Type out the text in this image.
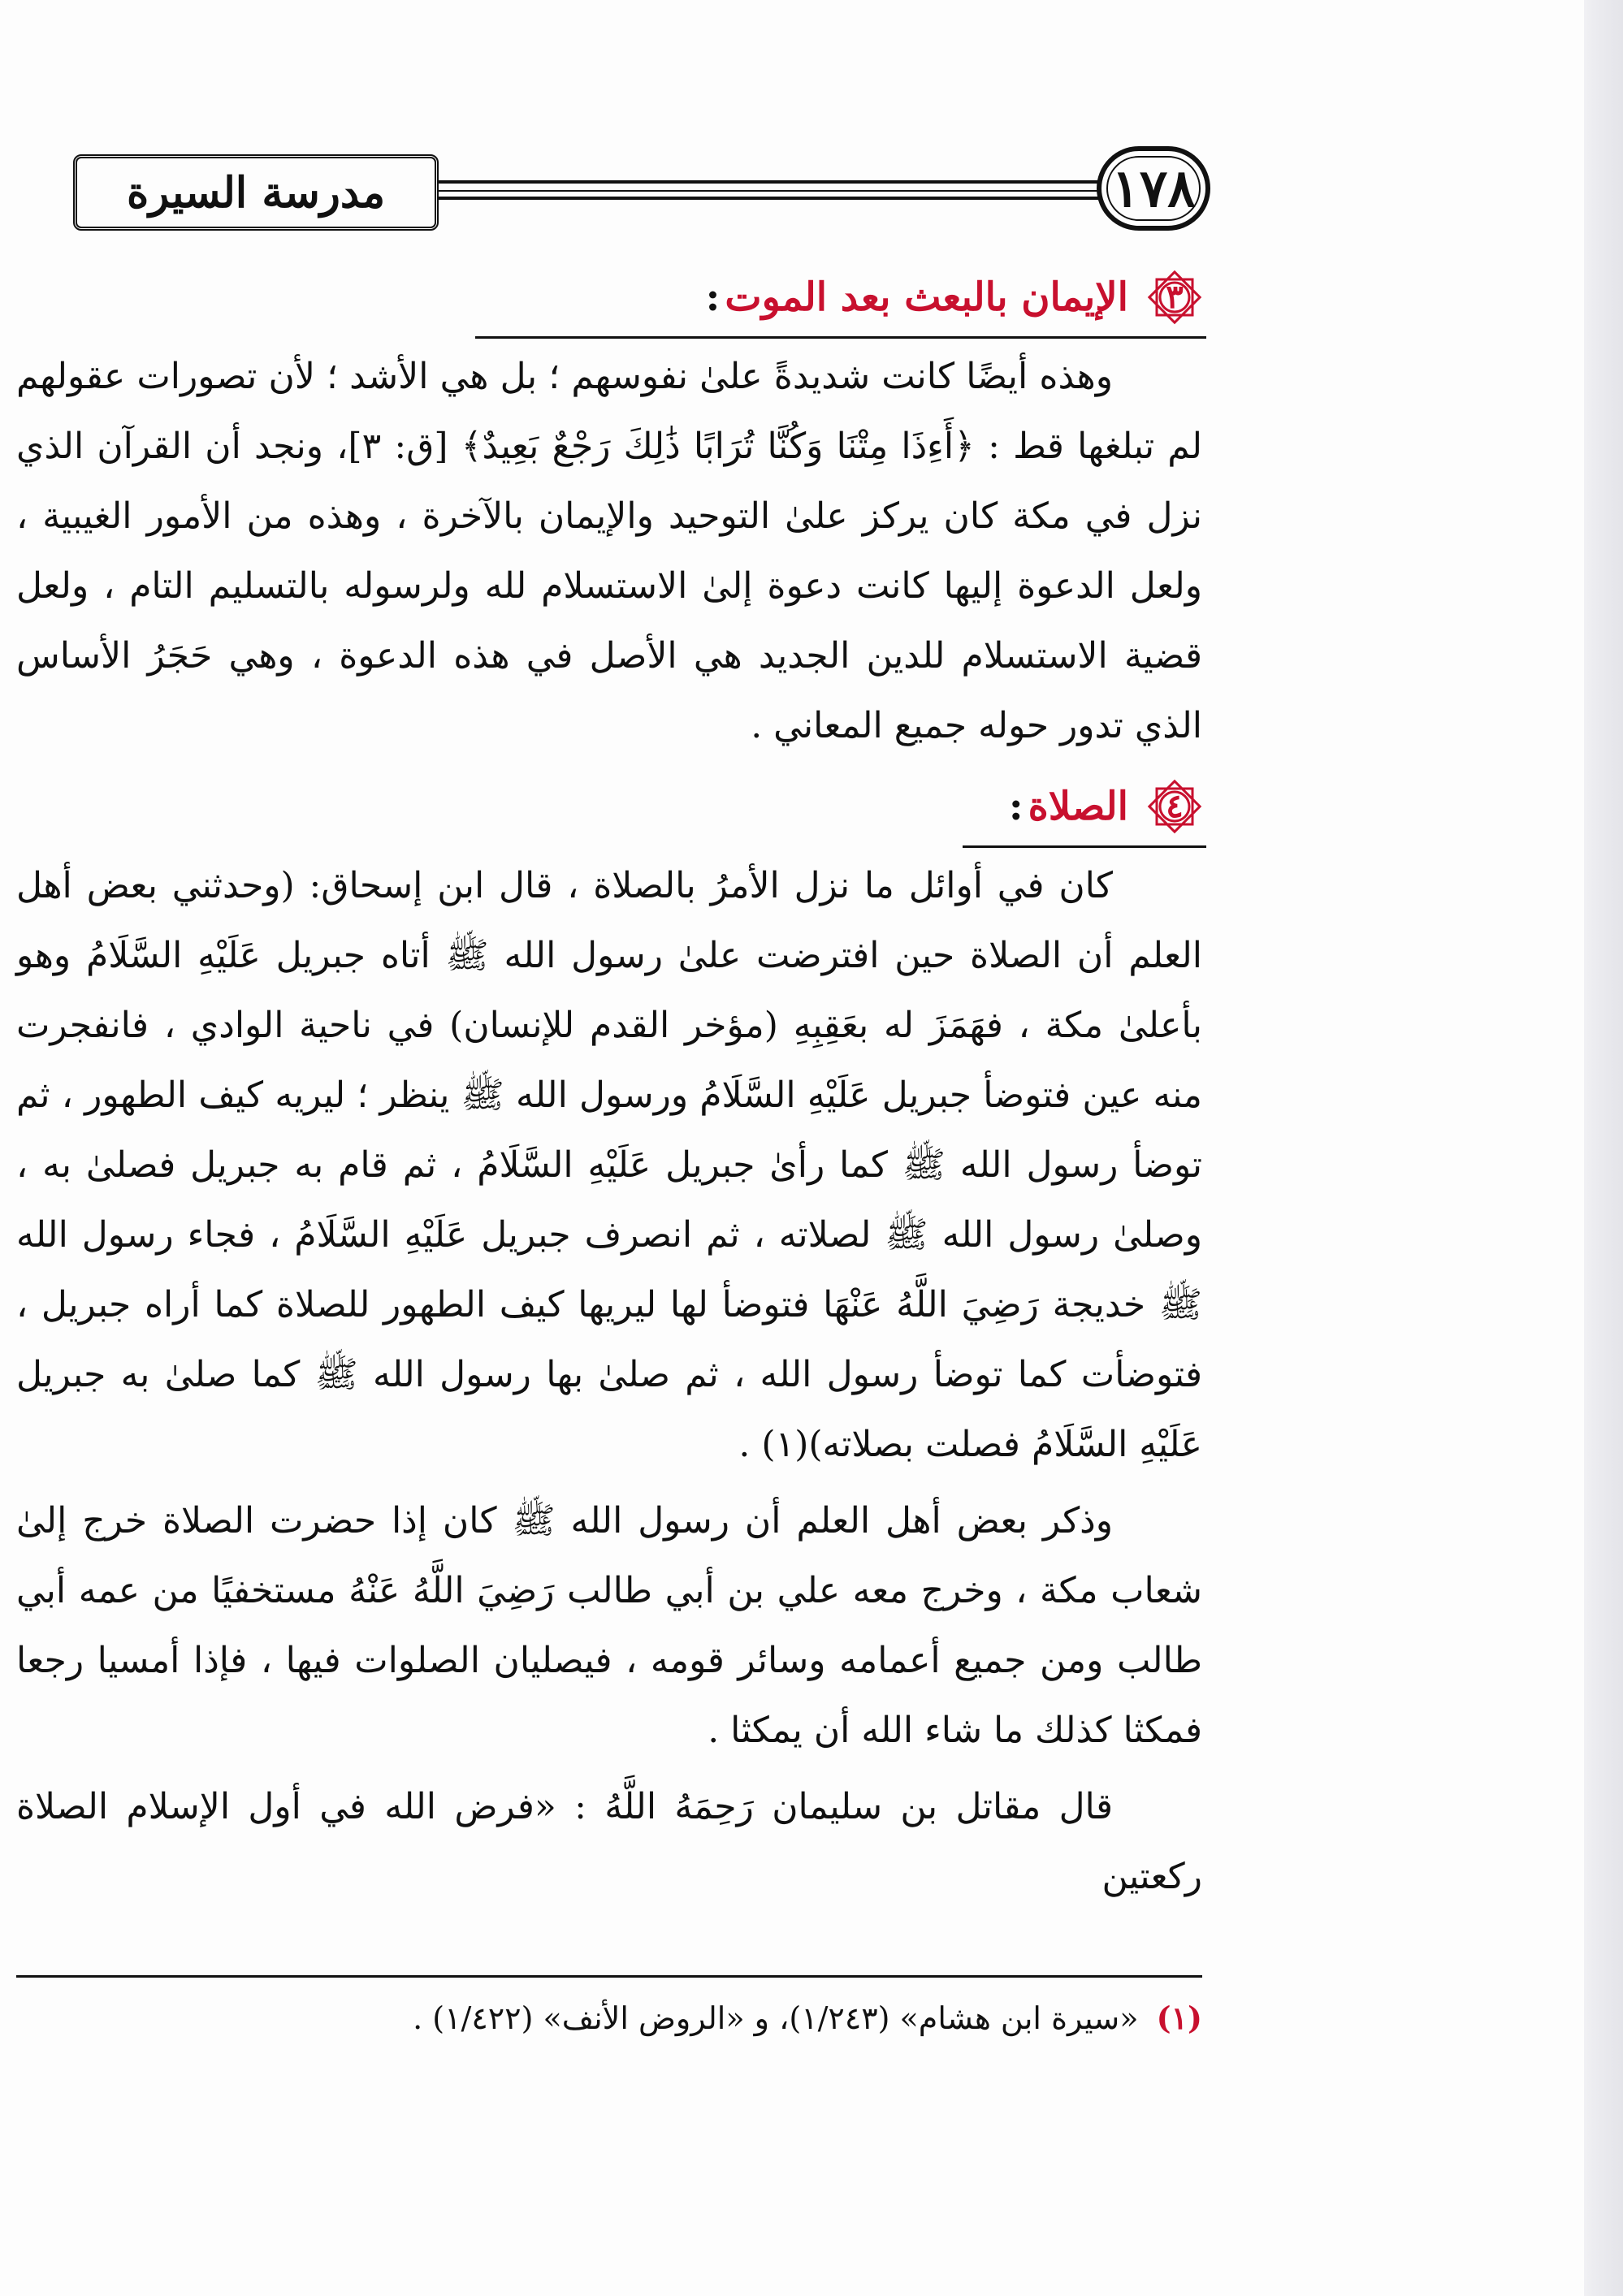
مدرسة السيرة	١٧٨
٣
الإيمان بالبعث بعد الموت
:

وهذه أيضًا كانت شديدةً علىٰ نفوسهم ؛ بل هي الأشد ؛ لأن تصورات عقولهم لم تبلغها قط : ﴿أَءِذَا مِتْنَا وَكُنَّا تُرَابًا ذَٰلِكَ رَجْعٌ بَعِيدٌ﴾ [ق: ٣]، ونجد أن القرآن الذي نزل في مكة كان يركز علىٰ التوحيد والإيمان بالآخرة ، وهذه من الأمور الغيبية ، ولعل الدعوة إليها كانت دعوة إلىٰ الاستسلام لله ولرسوله بالتسليم التام ، ولعل قضية الاستسلام للدين الجديد هي الأصل في هذه الدعوة ، وهي حَجَرُ الأساس الذي تدور حوله جميع المعاني .

٤
الصلاة
:

كان في أوائل ما نزل الأمرُ بالصلاة ، قال ابن إسحاق: (وحدثني بعض أهل العلم أن الصلاة حين افترضت علىٰ رسول الله ﷺ أتاه جبريل عَلَيْهِ السَّلَامُ وهو بأعلىٰ مكة ، فهَمَزَ له بعَقِبِهِ (مؤخر القدم للإنسان) في ناحية الوادي ، فانفجرت منه عين فتوضأ جبريل عَلَيْهِ السَّلَامُ ورسول الله ﷺ ينظر ؛ ليريه كيف الطهور ، ثم توضأ رسول الله ﷺ كما رأىٰ جبريل عَلَيْهِ السَّلَامُ ، ثم قام به جبريل فصلىٰ به ، وصلىٰ رسول الله ﷺ لصلاته ، ثم انصرف جبريل عَلَيْهِ السَّلَامُ ، فجاء رسول الله ﷺ خديجة رَضِيَ اللَّهُ عَنْهَا فتوضأ لها ليريها كيف الطهور للصلاة كما أراه جبريل ، فتوضأت كما توضأ رسول الله ، ثم صلىٰ بها رسول الله ﷺ كما صلىٰ به جبريل عَلَيْهِ السَّلَامُ فصلت بصلاته)(١) .

وذكر بعض أهل العلم أن رسول الله ﷺ كان إذا حضرت الصلاة خرج إلىٰ شعاب مكة ، وخرج معه علي بن أبي طالب رَضِيَ اللَّهُ عَنْهُ مستخفيًا من عمه أبي طالب ومن جميع أعمامه وسائر قومه ، فيصليان الصلوات فيها ، فإذا أمسيا رجعا فمكثا كذلك ما شاء الله أن يمكثا .

قال مقاتل بن سليمان رَحِمَهُ اللَّهُ : «فرض الله في أول الإسلام الصلاة ركعتين

(١) «سيرة ابن هشام» (١/٢٤٣)، و «الروض الأنف» (١/٤٢٢) .
